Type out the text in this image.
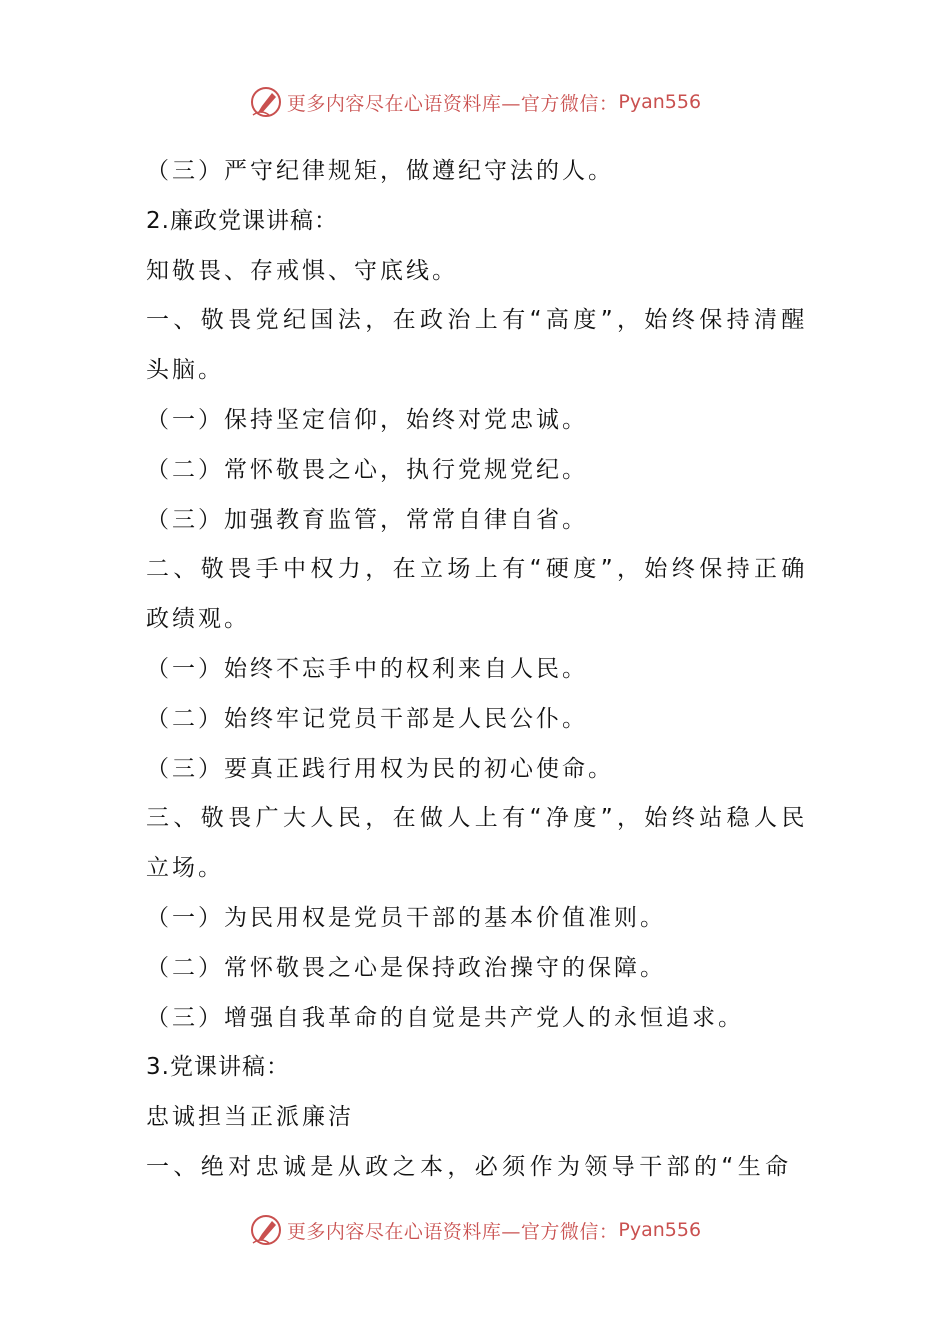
更多内容尽在心语资料库—官方微信： Pyan556
（三）严守纪律规矩，做遵纪守法的人。
2.廉政党课讲稿：
知敬畏、存戒惧、守底线。
一、敬畏党纪国法，在政治上有“高度”，始终保持清醒
头脑。
（一）保持坚定信仰，始终对党忠诚。
（二）常怀敬畏之心，执行党规党纪。
（三）加强教育监管，常常自律自省。
二、敬畏手中权力，在立场上有“硬度”，始终保持正确
政绩观。
（一）始终不忘手中的权利来自人民。
（二）始终牢记党员干部是人民公仆。
（三）要真正践行用权为民的初心使命。
三、敬畏广大人民，在做人上有“净度”，始终站稳人民
立场。
（一）为民用权是党员干部的基本价值准则。
（二）常怀敬畏之心是保持政治操守的保障。
（三）增强自我革命的自觉是共产党人的永恒追求。
3.党课讲稿：
忠诚担当正派廉洁
一、绝对忠诚是从政之本，必须作为领导干部的“生命
更多内容尽在心语资料库—官方微信： Pyan556
